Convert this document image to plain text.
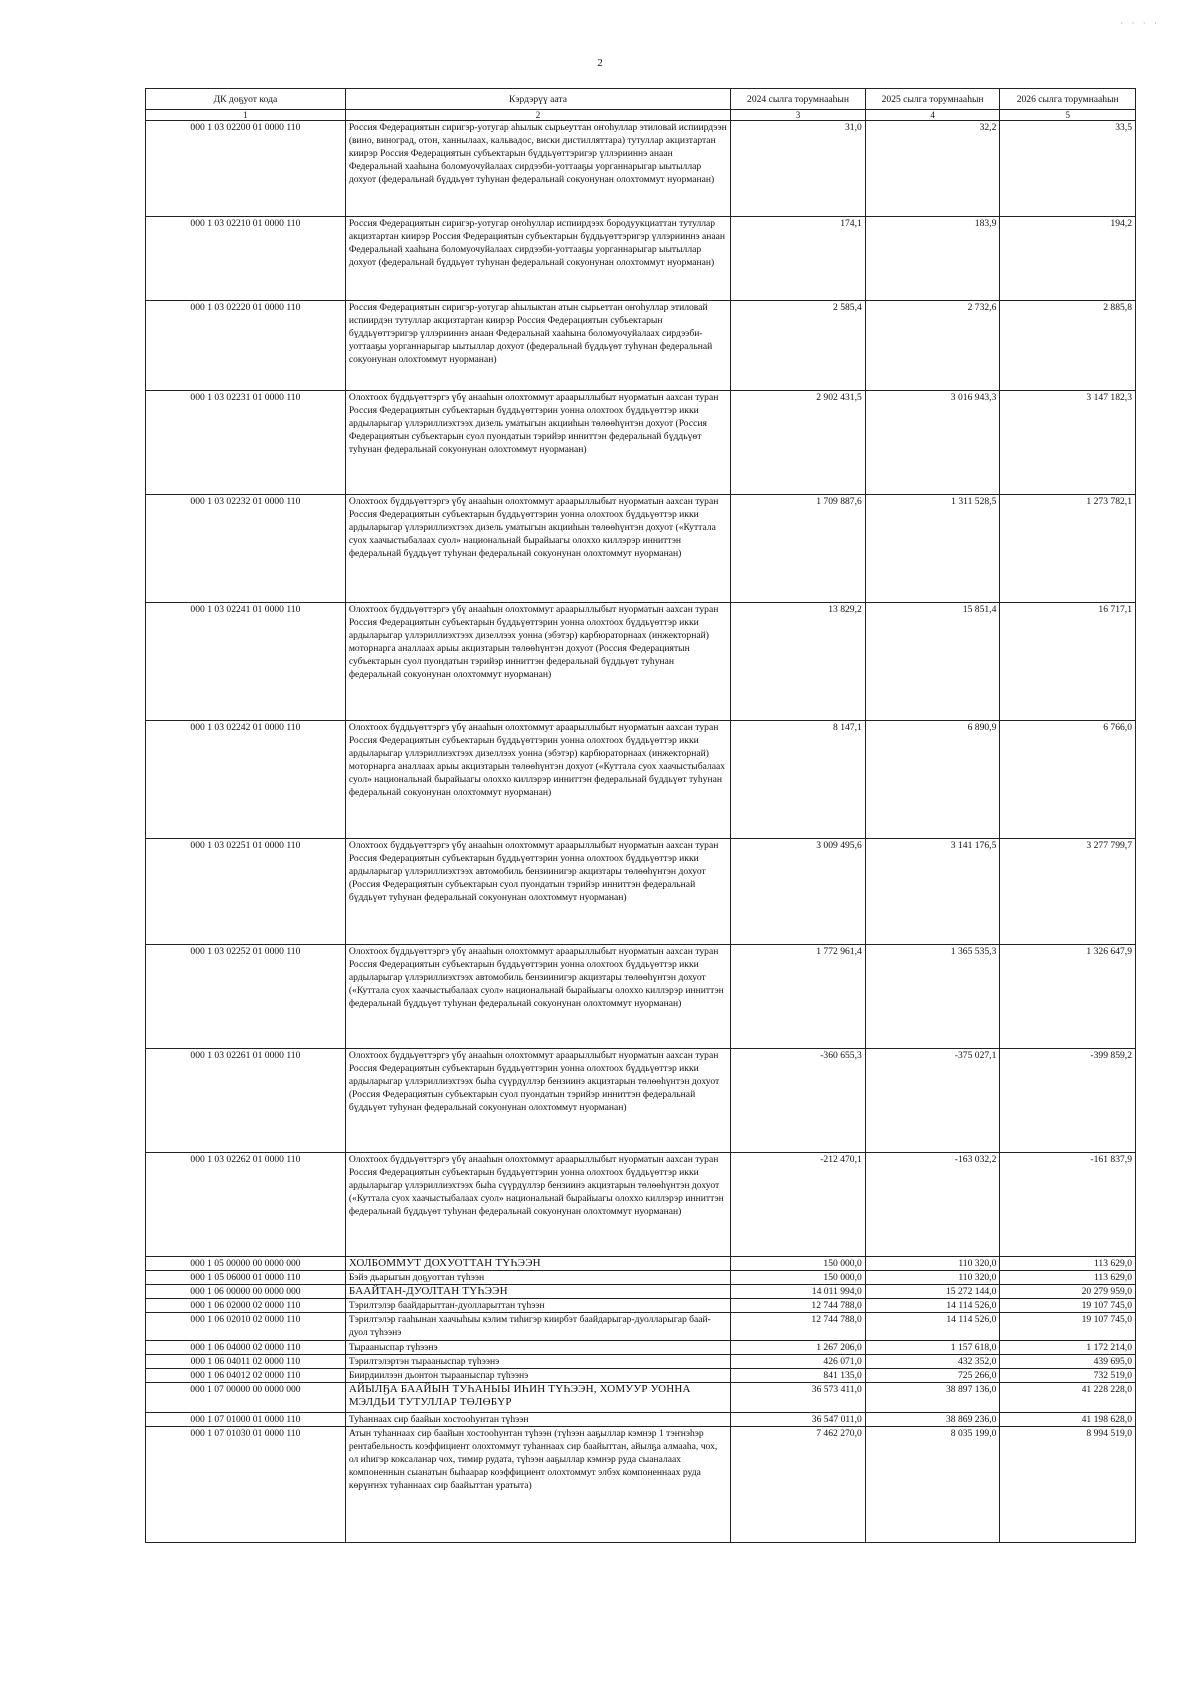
· · · ·
2
ДК доҕуот кода	Кэрдэрүү аата	2024 сылга торумнааһын	2025 сылга торумнааһын	2026 сылга торумнааһын
1	2	3	4	5
000 1 03 02200 01 0000 110	Россия Федерациятын сиригэр-уотугар аһылык сырьеуттан оҥоһуллар этиловай испиирдээн (вино, виноград, отон, ханнылаах, кальвадос, виски дистилляттара) тутуллар акцизтартан киирэр Россия Федерациятын субъектарын бүддьүөттэригэр үллэрииннэ анаан Федеральнай хааһына боломуочуйалаах сирдээби-уоттааҕы уорганнарыгар ыытыллар дохуот (федеральнай бүддьүөт туһунан федеральнай сокуонунан олохтоммут нуорманан)	31,0	32,2	33,5
000 1 03 02210 01 0000 110	Россия Федерациятын сиригэр-уотугар оҥоһуллар испиирдээх бородуукциаттан тутуллар акцизтартан киирэр Россия Федерациятын субъектарын бүддьүөттэригэр үллэрииннэ анаан Федеральнай хааһына боломуочуйалаах сирдээби-уоттааҕы уорганнарыгар ыытыллар дохуот (федеральнай бүддьүөт туһунан федеральнай сокуонунан олохтоммут нуорманан)	174,1	183,9	194,2
000 1 03 02220 01 0000 110	Россия Федерациятын сиригэр-уотугар аһылыктан атын сырьеттан оҥоһуллар этиловай испиирдэн тутуллар акцизтартан киирэр Россия Федерациятын субъектарын бүддьүөттэригэр үллэрииннэ анаан Федеральнай хааһына боломуочуйалаах сирдээби-уоттааҕы уорганнарыгар ыытыллар дохуот (федеральнай бүддьүөт туһунан федеральнай сокуонунан олохтоммут нуорманан)	2 585,4	2 732,6	2 885,8
000 1 03 02231 01 0000 110	Олохтоох бүддьүөттэргэ үбү анааһын олохтоммут араарыллыбыт нуорматын аахсан туран Россия Федерациятын субъектарын бүддьүөттэрин уонна олохтоох бүддьүөттэр икки ардыларыгар үллэриллиэхтээх дизель уматыгын акцииһын төлөөһүнтэн дохуот (Россия Федерациятын субъектарын суол пуондатын тэрийэр инниттэн федеральнай бүддьүөт туһунан федеральнай сокуонунан олохтоммут нуорманан)	2 902 431,5	3 016 943,3	3 147 182,3
000 1 03 02232 01 0000 110	Олохтоох бүддьүөттэргэ үбү анааһын олохтоммут араарыллыбыт нуорматын аахсан туран Россия Федерациятын субъектарын бүддьүөттэрин уонна олохтоох бүддьүөттэр икки ардыларыгар үллэриллиэхтээх дизель уматыгын акцииһын төлөөһүнтэн дохуот («Куттала суох хаачыстыбалаах суол» национальнай бырайыагы олоххо киллэрэр инниттэн федеральнай бүддьүөт туһунан федеральнай сокуонунан олохтоммут нуорманан)	1 709 887,6	1 311 528,5	1 273 782,1
000 1 03 02241 01 0000 110	Олохтоох бүддьүөттэргэ үбү анааһын олохтоммут араарыллыбыт нуорматын аахсан туран Россия Федерациятын субъектарын бүддьүөттэрин уонна олохтоох бүддьүөттэр икки ардыларыгар үллэриллиэхтээх дизеллээх уонна (эбэтэр) карбюраторнаах (инжекторнай) моторнарга аналлаах арыы акцизтарын төлөөһүнтэн дохуот (Россия Федерациятын субъектарын суол пуондатын тэрийэр инниттэн федеральнай бүддьүөт туһунан федеральнай сокуонунан олохтоммут нуорманан)	13 829,2	15 851,4	16 717,1
000 1 03 02242 01 0000 110	Олохтоох бүддьүөттэргэ үбү анааһын олохтоммут араарыллыбыт нуорматын аахсан туран Россия Федерациятын субъектарын бүддьүөттэрин уонна олохтоох бүддьүөттэр икки ардыларыгар үллэриллиэхтээх дизеллээх уонна (эбэтэр) карбюраторнаах (инжекторнай) моторнарга аналлаах арыы акцизтарын төлөөһүнтэн дохуот («Куттала суох хаачыстыбалаах суол» национальнай бырайыагы олоххо киллэрэр инниттэн федеральнай бүддьүөт туһунан федеральнай сокуонунан олохтоммут нуорманан)	8 147,1	6 890,9	6 766,0
000 1 03 02251 01 0000 110	Олохтоох бүддьүөттэргэ үбү анааһын олохтоммут араарыллыбыт нуорматын аахсан туран Россия Федерациятын субъектарын бүддьүөттэрин уонна олохтоох бүддьүөттэр икки ардыларыгар үллэриллиэхтээх автомобиль бензиинигэр акцизтары төлөөһүнтэн дохуот (Россия Федерациятын субъектарын суол пуондатын тэрийэр инниттэн федеральнай бүддьүөт туһунан федеральнай сокуонунан олохтоммут нуорманан)	3 009 495,6	3 141 176,5	3 277 799,7
000 1 03 02252 01 0000 110	Олохтоох бүддьүөттэргэ үбү анааһын олохтоммут араарыллыбыт нуорматын аахсан туран Россия Федерациятын субъектарын бүддьүөттэрин уонна олохтоох бүддьүөттэр икки ардыларыгар үллэриллиэхтээх автомобиль бензиинигэр акцизтары төлөөһүнтэн дохуот («Куттала суох хаачыстыбалаах суол» национальнай бырайыагы олоххо киллэрэр инниттэн федеральнай бүддьүөт туһунан федеральнай сокуонунан олохтоммут нуорманан)	1 772 961,4	1 365 535,3	1 326 647,9
000 1 03 02261 01 0000 110	Олохтоох бүддьүөттэргэ үбү анааһын олохтоммут араарыллыбыт нуорматын аахсан туран Россия Федерациятын субъектарын бүддьүөттэрин уонна олохтоох бүддьүөттэр икки ардыларыгар үллэриллиэхтээх быһа сүүрдүллэр бензиинэ акцизтарын төлөөһүнтэн дохуот (Россия Федерациятын субъектарын суол пуондатын тэрийэр инниттэн федеральнай бүддьүөт туһунан федеральнай сокуонунан олохтоммут нуорманан)	-360 655,3	-375 027,1	-399 859,2
000 1 03 02262 01 0000 110	Олохтоох бүддьүөттэргэ үбү анааһын олохтоммут араарыллыбыт нуорматын аахсан туран Россия Федерациятын субъектарын бүддьүөттэрин уонна олохтоох бүддьүөттэр икки ардыларыгар үллэриллиэхтээх быһа сүүрдүллэр бензиинэ акцизтарын төлөөһүнтэн дохуот («Куттала суох хаачыстыбалаах суол» национальнай бырайыагы олоххо киллэрэр инниттэн федеральнай бүддьүөт туһунан федеральнай сокуонунан олохтоммут нуорманан)	-212 470,1	-163 032,2	-161 837,9
000 1 05 00000 00 0000 000	ХОЛБОММУТ ДОХУОТТАН ТҮҺЭЭН	150 000,0	110 320,0	113 629,0
000 1 05 06000 01 0000 110	Бэйэ дьарыгын доҕуоттан түһээн	150 000,0	110 320,0	113 629,0
000 1 06 00000 00 0000 000	БААЙТАН-ДУОЛТАН ТҮҺЭЭН	14 011 994,0	15 272 144,0	20 279 959,0
000 1 06 02000 02 0000 110	Тэрилтэлэр баайдарыттан-дуолларыттан түһээн	12 744 788,0	14 114 526,0	19 107 745,0
000 1 06 02010 02 0000 110	Тэрилтэлэр гааһынан хаачыһыы кэлим тиһигэр киирбэт баайдарыгар-дуолларыгар баай-дуол түһээнэ	12 744 788,0	14 114 526,0	19 107 745,0
000 1 06 04000 02 0000 110	Тырааныспар түһээнэ	1 267 206,0	1 157 618,0	1 172 214,0
000 1 06 04011 02 0000 110	Тэрилтэлэртэн тырааныспар түһээнэ	426 071,0	432 352,0	439 695,0
000 1 06 04012 02 0000 110	Биирдиилээн дьонтон тырааныспар түһээнэ	841 135,0	725 266,0	732 519,0
000 1 07 00000 00 0000 000	АЙЫЛҔА БААЙЫН ТУҺАНЫЫ ИҺИН ТҮҺЭЭН, ХОМУУР УОННА МЭЛДЬИ ТУТУЛЛАР ТӨЛӨБҮР	36 573 411,0	38 897 136,0	41 228 228,0
000 1 07 01000 01 0000 110	Туһаннаах сир баайын хостооһунтан түһээн	36 547 011,0	38 869 236,0	41 198 628,0
000 1 07 01030 01 0000 110	Атын туһаннаах сир баайын хостооһунтан түһээн (түһээн ааҕыллар кэмнэр 1 тэҥнэһэр рентабельность коэффициент олохтоммут туһаннаах сир баайыттан, айылҕа алмааһа, чох, ол иһигэр коксаланар чох, тимир рудата, түһээн ааҕыллар кэмнэр руда сыаналаах компоненнын сыанатын быһаарар коэффициент олохтоммут элбэх компоненнаах руда көрүҥнэх туһаннаах сир баайыттан уратыта)	7 462 270,0	8 035 199,0	8 994 519,0
